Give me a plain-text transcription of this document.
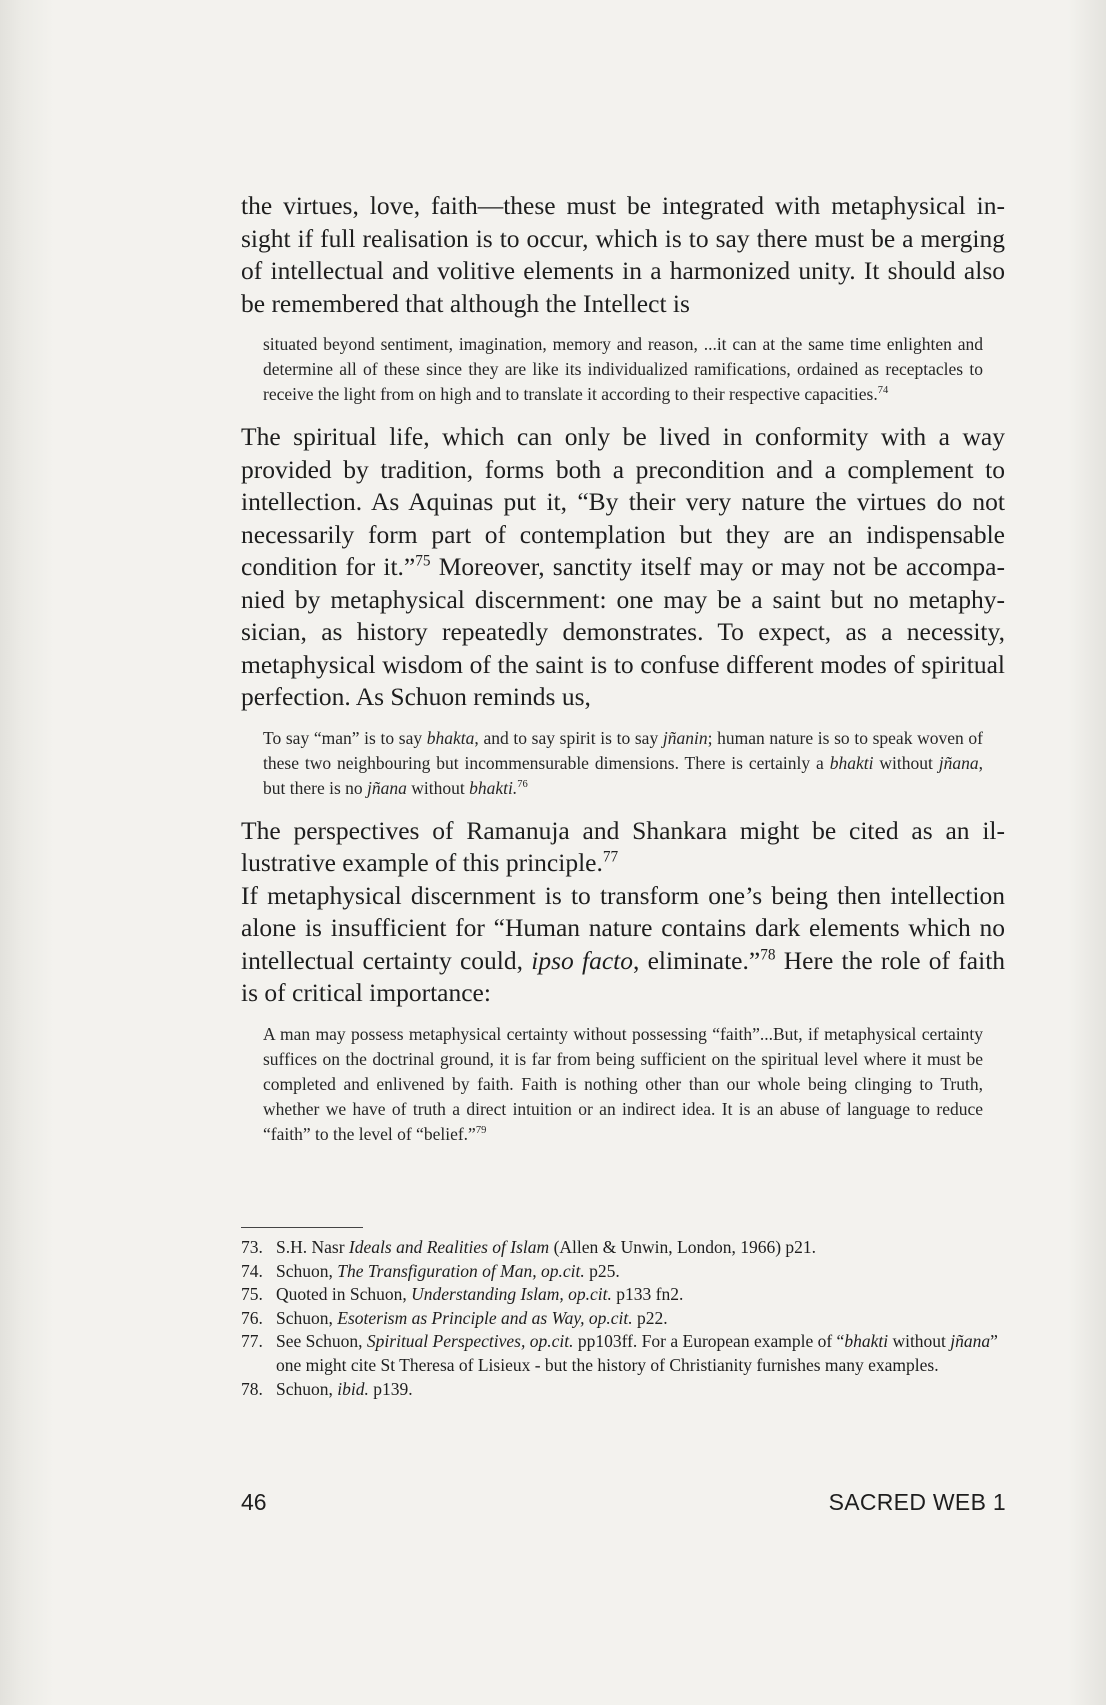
the virtues, love, faith—these must be integrated with metaphysical insight if full realisation is to occur, which is to say there must be a merging of intellectual and volitive elements in a harmonized unity. It should also be remembered that although the Intellect is

situated beyond sentiment, imagination, memory and reason, ...it can at the same time enlighten and determine all of these since they are like its individualized ramifications, ordained as receptacles to receive the light from on high and to translate it according to their respective capacities.$^{74}$

The spiritual life, which can only be lived in conformity with a way provided by tradition, forms both a precondition and a complement to intellection. As Aquinas put it, “By their very nature the virtues do not necessarily form part of contemplation but they are an indispensable condition for it.”$^{75}$ Moreover, sanctity itself may or may not be accompanied by metaphysical discernment: one may be a saint but no metaphysician, as history repeatedly demonstrates. To expect, as a necessity, metaphysical wisdom of the saint is to confuse different modes of spiritual perfection. As Schuon reminds us,

To say “man” is to say bhakta, and to say spirit is to say jñanin; human nature is so to speak woven of these two neighbouring but incommensurable dimensions. There is certainly a bhakti without jñana, but there is no jñana without bhakti.$^{76}$

The perspectives of Ramanuja and Shankara might be cited as an illustrative example of this principle.$^{77}$

If metaphysical discernment is to transform one’s being then intellection alone is insufficient for “Human nature contains dark elements which no intellectual certainty could, ipso facto, eliminate.”$^{78}$ Here the role of faith is of critical importance:

A man may possess metaphysical certainty without possessing “faith”...But, if metaphysical certainty suffices on the doctrinal ground, it is far from being sufficient on the spiritual level where it must be completed and enlivened by faith. Faith is nothing other than our whole being clinging to Truth, whether we have of truth a direct intuition or an indirect idea. It is an abuse of language to reduce “faith” to the level of “belief.”$^{79}$
73. S.H. Nasr Ideals and Realities of Islam (Allen & Unwin, London, 1966) p21.
74. Schuon, The Transfiguration of Man, op.cit. p25.
75. Quoted in Schuon, Understanding Islam, op.cit. p133 fn2.
76. Schuon, Esoterism as Principle and as Way, op.cit. p22.
77. See Schuon, Spiritual Perspectives, op.cit. pp103ff. For a European example of “bhakti without jñana” one might cite St Theresa of Lisieux - but the history of Christianity furnishes many examples.
78. Schuon, ibid. p139.
46	SACRED WEB 1
